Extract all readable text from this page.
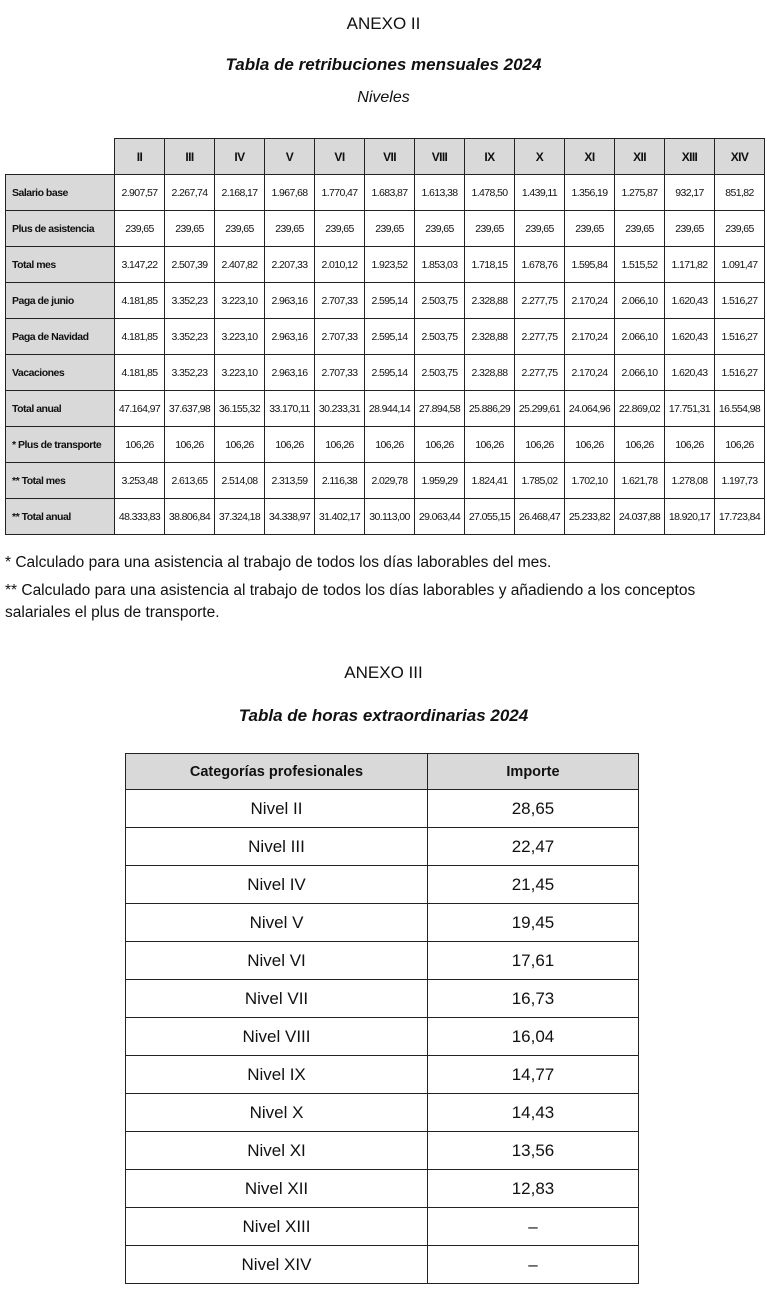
ANEXO II
Tabla de retribuciones mensuales 2024
Niveles
	II	III	IV	V	VI	VII	VIII	IX	X	XI	XII	XIII	XIV
Salario base	2.907,57	2.267,74	2.168,17	1.967,68	1.770,47	1.683,87	1.613,38	1.478,50	1.439,11	1.356,19	1.275,87	932,17	851,82
Plus de asistencia	239,65	239,65	239,65	239,65	239,65	239,65	239,65	239,65	239,65	239,65	239,65	239,65	239,65
Total mes	3.147,22	2.507,39	2.407,82	2.207,33	2.010,12	1.923,52	1.853,03	1.718,15	1.678,76	1.595,84	1.515,52	1.171,82	1.091,47
Paga de junio	4.181,85	3.352,23	3.223,10	2.963,16	2.707,33	2.595,14	2.503,75	2.328,88	2.277,75	2.170,24	2.066,10	1.620,43	1.516,27
Paga de Navidad	4.181,85	3.352,23	3.223,10	2.963,16	2.707,33	2.595,14	2.503,75	2.328,88	2.277,75	2.170,24	2.066,10	1.620,43	1.516,27
Vacaciones	4.181,85	3.352,23	3.223,10	2.963,16	2.707,33	2.595,14	2.503,75	2.328,88	2.277,75	2.170,24	2.066,10	1.620,43	1.516,27
Total anual	47.164,97	37.637,98	36.155,32	33.170,11	30.233,31	28.944,14	27.894,58	25.886,29	25.299,61	24.064,96	22.869,02	17.751,31	16.554,98
* Plus de transporte	106,26	106,26	106,26	106,26	106,26	106,26	106,26	106,26	106,26	106,26	106,26	106,26	106,26
** Total mes	3.253,48	2.613,65	2.514,08	2.313,59	2.116,38	2.029,78	1.959,29	1.824,41	1.785,02	1.702,10	1.621,78	1.278,08	1.197,73
** Total anual	48.333,83	38.806,84	37.324,18	34.338,97	31.402,17	30.113,00	29.063,44	27.055,15	26.468,47	25.233,82	24.037,88	18.920,17	17.723,84
* Calculado para una asistencia al trabajo de todos los días laborables del mes.
** Calculado para una asistencia al trabajo de todos los días laborables y añadiendo a los conceptos salariales el plus de transporte.
ANEXO III
Tabla de horas extraordinarias 2024
Categorías profesionales	Importe
Nivel II	28,65
Nivel III	22,47
Nivel IV	21,45
Nivel V	19,45
Nivel VI	17,61
Nivel VII	16,73
Nivel VIII	16,04
Nivel IX	14,77
Nivel X	14,43
Nivel XI	13,56
Nivel XII	12,83
Nivel XIII	–
Nivel XIV	–
